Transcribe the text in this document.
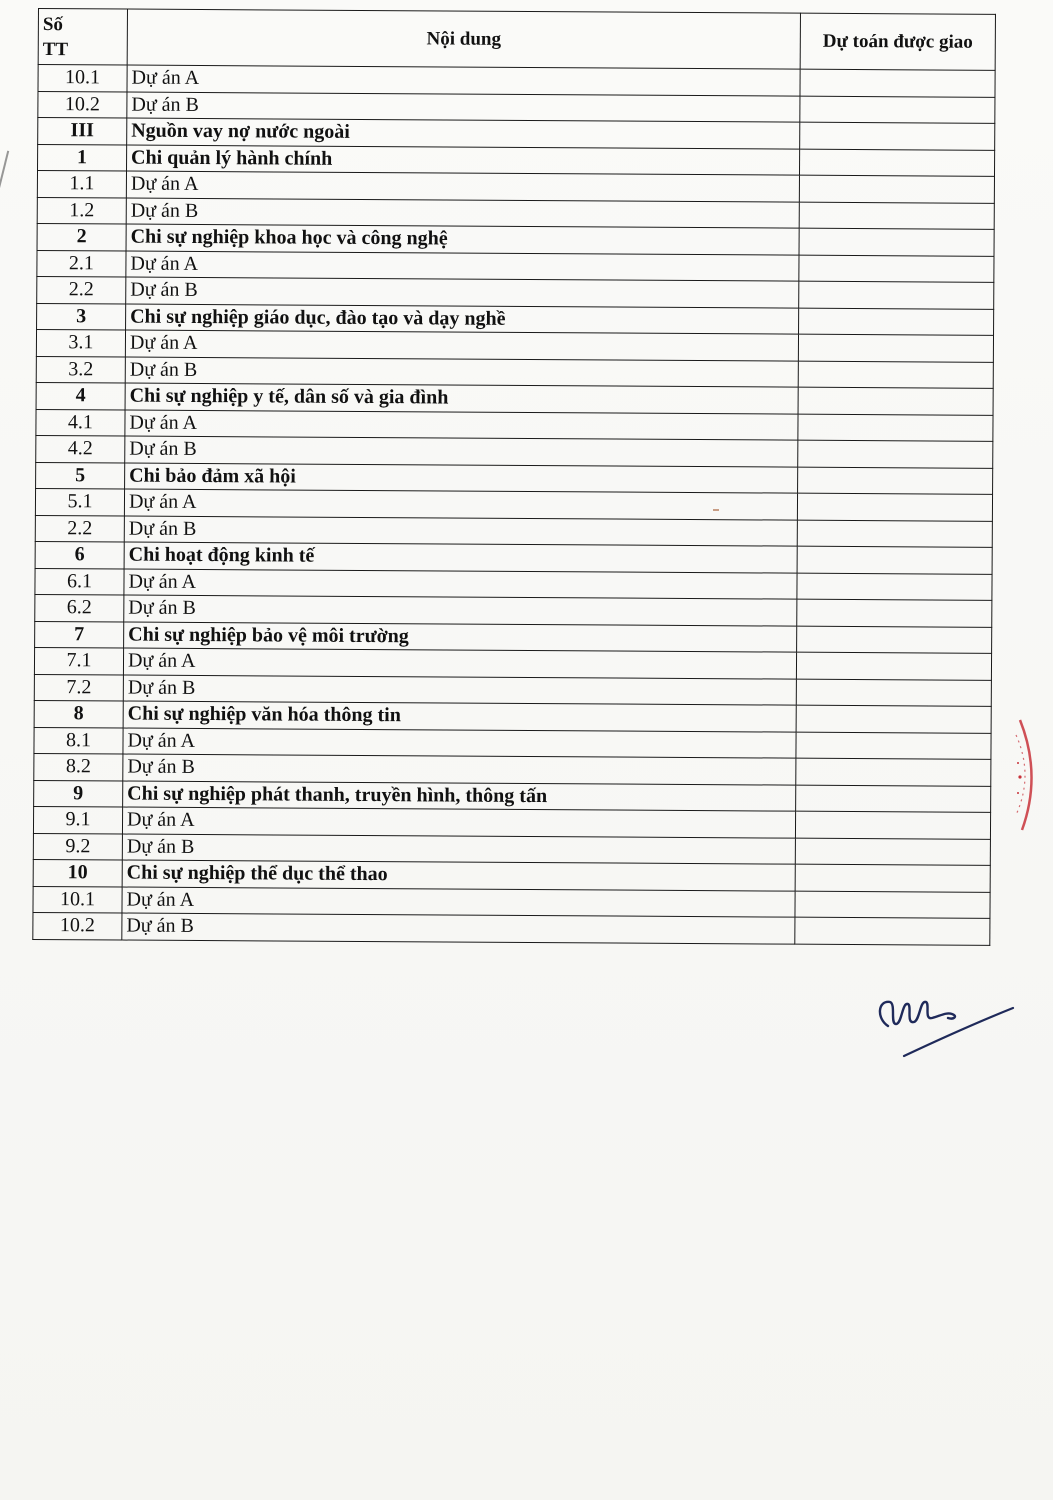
Số
TT	Nội dung	Dự toán được giao
10.1	Dự án A	
10.2	Dự án B	
III	Nguồn vay nợ nước ngoài	
1	Chi quản lý hành chính	
1.1	Dự án A	
1.2	Dự án B	
2	Chi sự nghiệp khoa học và công nghệ	
2.1	Dự án A	
2.2	Dự án B	
3	Chi sự nghiệp giáo dục, đào tạo và dạy nghề	
3.1	Dự án A	
3.2	Dự án B	
4	Chi sự nghiệp y tế, dân số và gia đình	
4.1	Dự án A	
4.2	Dự án B	
5	Chi bảo đảm xã hội	
5.1	Dự án A	
2.2	Dự án B	
6	Chi hoạt động kinh tế	
6.1	Dự án A	
6.2	Dự án B	
7	Chi sự nghiệp bảo vệ môi trường	
7.1	Dự án A	
7.2	Dự án B	
8	Chi sự nghiệp văn hóa thông tin	
8.1	Dự án A	
8.2	Dự án B	
9	Chi sự nghiệp phát thanh, truyền hình, thông tấn	
9.1	Dự án A	
9.2	Dự án B	
10	Chi sự nghiệp thể dục thể thao	
10.1	Dự án A	
10.2	Dự án B	
